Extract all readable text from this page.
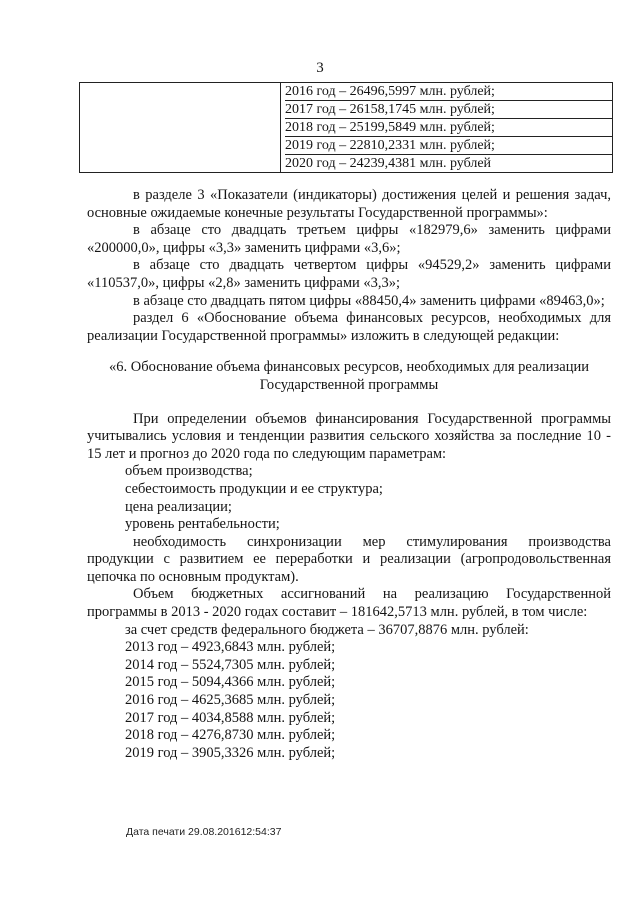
3

2016 год – 26496,5997 млн. рублей;
2017 год – 26158,1745 млн. рублей;
2018 год – 25199,5849 млн. рублей;
2019 год – 22810,2331 млн. рублей;
2020 год – 24239,4381 млн. рублей

в разделе 3 «Показатели (индикаторы) достижения целей и решения задач, основные ожидаемые конечные результаты Государственной программы»:

в абзаце сто двадцать третьем цифры «182979,6» заменить цифрами «200000,0», цифры «3,3» заменить цифрами «3,6»;

в абзаце сто двадцать четвертом цифры «94529,2» заменить цифрами «110537,0», цифры «2,8» заменить цифрами «3,3»;

в абзаце сто двадцать пятом цифры «88450,4» заменить цифрами «89463,0»;

раздел 6 «Обоснование объема финансовых ресурсов, необходимых для реализации Государственной программы» изложить в следующей редакции:

«6. Обоснование объема финансовых ресурсов, необходимых для реализации Государственной программы

При определении объемов финансирования Государственной программы учитывались условия и тенденции развития сельского хозяйства за последние 10 - 15 лет и прогноз до 2020 года по следующим параметрам:

объем производства;

себестоимость продукции и ее структура;

цена реализации;

уровень рентабельности;

необходимость синхронизации мер стимулирования производства продукции с развитием ее переработки и реализации (агропродовольственная цепочка по основным продуктам).

Объем бюджетных ассигнований на реализацию Государственной программы в 2013 - 2020 годах составит – 181642,5713 млн. рублей, в том числе:

за счет средств федерального бюджета – 36707,8876 млн. рублей:

2013 год – 4923,6843 млн. рублей;

2014 год – 5524,7305 млн. рублей;

2015 год – 5094,4366 млн. рублей;

2016 год – 4625,3685 млн. рублей;

2017 год – 4034,8588 млн. рублей;

2018 год – 4276,8730 млн. рублей;

2019 год – 3905,3326 млн. рублей;

Дата печати 29.08.201612:54:37
